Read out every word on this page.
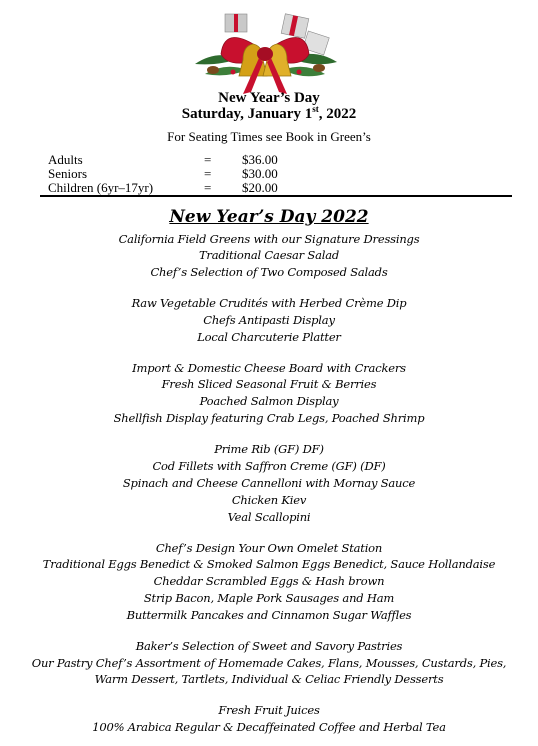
New Year’s Day
Saturday, January 1st, 2022
For Seating Times see Book in Green’s
Adults	= $36.00
Seniors	= $30.00
Children (6yr–17yr)	= $20.00
New Year’s Day 2022
California Field Greens with our Signature Dressings
Traditional Caesar Salad
Chef’s Selection of Two Composed Salads
Raw Vegetable Crudités with Herbed Crème Dip
Chefs Antipasti Display
Local Charcuterie Platter
Import & Domestic Cheese Board with Crackers
Fresh Sliced Seasonal Fruit & Berries
Poached Salmon Display
Shellfish Display featuring Crab Legs, Poached Shrimp
Prime Rib (GF) DF)
Cod Fillets with Saffron Creme (GF) (DF)
Spinach and Cheese Cannelloni with Mornay Sauce
Chicken Kiev
Veal Scallopini
Chef’s Design Your Own Omelet Station
Traditional Eggs Benedict & Smoked Salmon Eggs Benedict, Sauce Hollandaise
Cheddar Scrambled Eggs & Hash brown
Strip Bacon, Maple Pork Sausages and Ham
Buttermilk Pancakes and Cinnamon Sugar Waffles
Baker’s Selection of Sweet and Savory Pastries
Our Pastry Chef’s Assortment of Homemade Cakes, Flans, Mousses, Custards, Pies,
Warm Dessert, Tartlets, Individual & Celiac Friendly Desserts
Fresh Fruit Juices
100% Arabica Regular & Decaffeinated Coffee and Herbal Tea
